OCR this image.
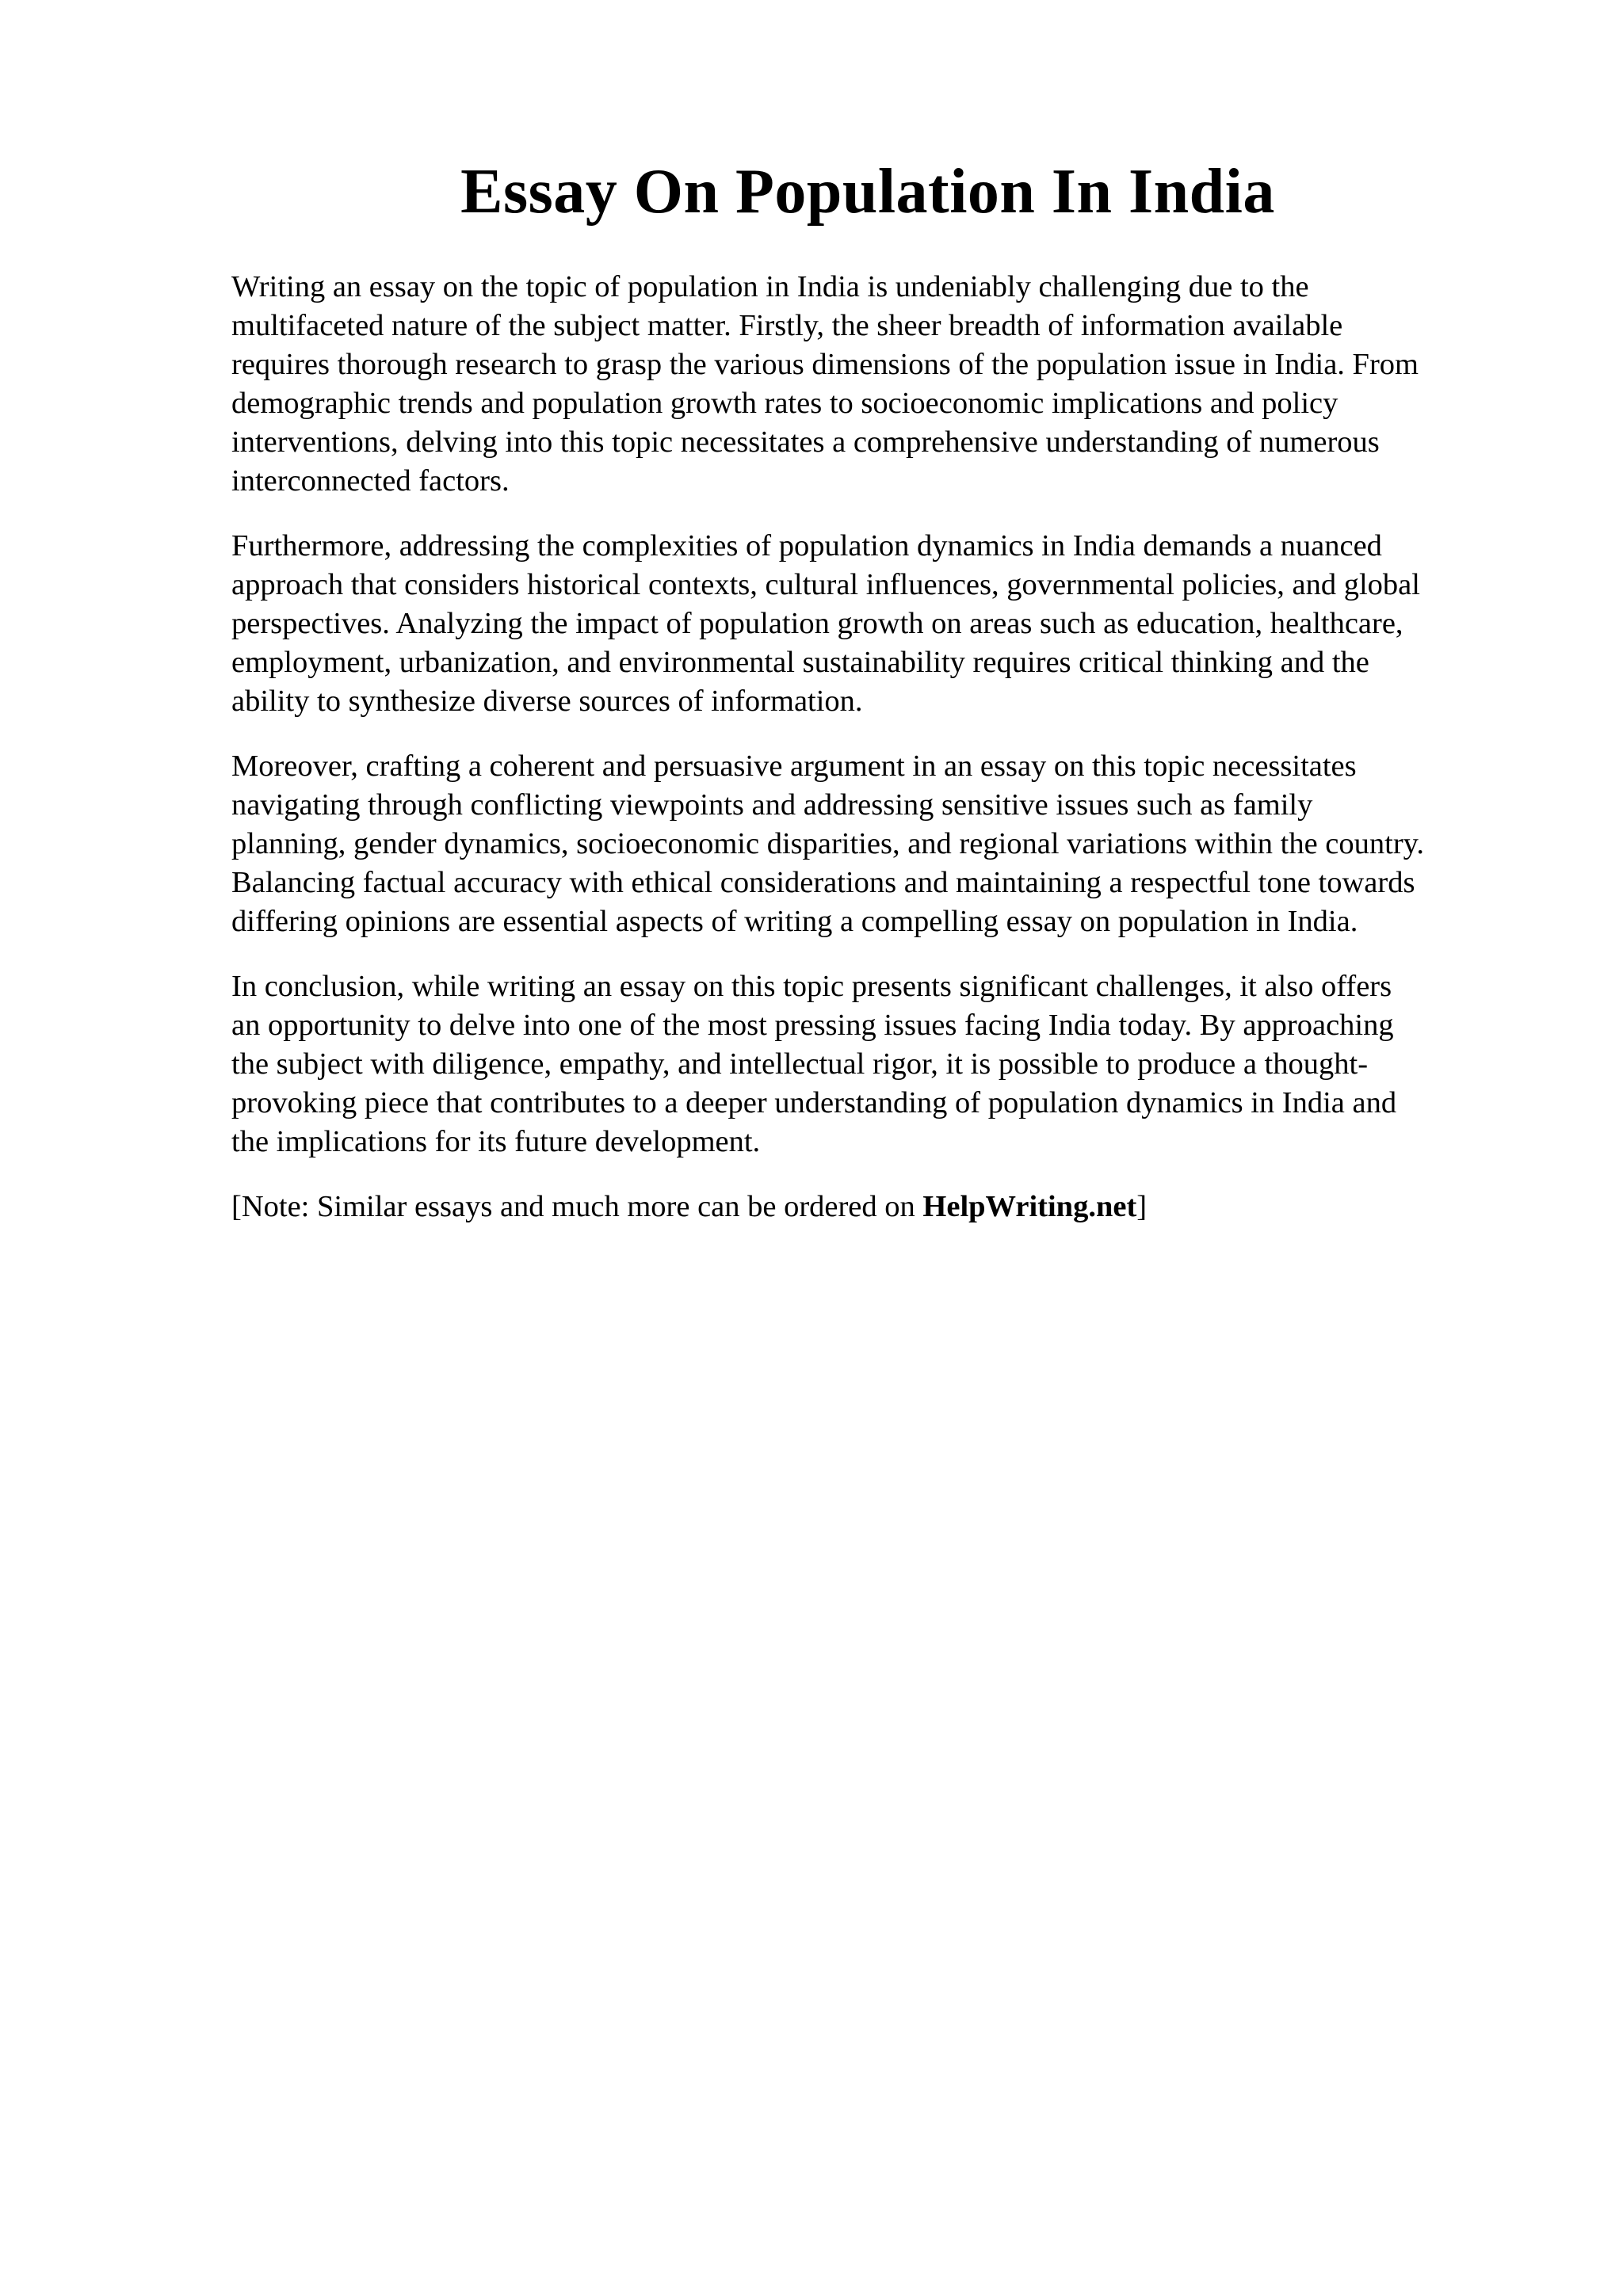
Essay On Population In India

Writing an essay on the topic of population in India is undeniably challenging due to the
multifaceted nature of the subject matter. Firstly, the sheer breadth of information available
requires thorough research to grasp the various dimensions of the population issue in India. From
demographic trends and population growth rates to socioeconomic implications and policy
interventions, delving into this topic necessitates a comprehensive understanding of numerous
interconnected factors.

Furthermore, addressing the complexities of population dynamics in India demands a nuanced
approach that considers historical contexts, cultural influences, governmental policies, and global
perspectives. Analyzing the impact of population growth on areas such as education, healthcare,
employment, urbanization, and environmental sustainability requires critical thinking and the
ability to synthesize diverse sources of information.

Moreover, crafting a coherent and persuasive argument in an essay on this topic necessitates
navigating through conflicting viewpoints and addressing sensitive issues such as family
planning, gender dynamics, socioeconomic disparities, and regional variations within the country.
Balancing factual accuracy with ethical considerations and maintaining a respectful tone towards
differing opinions are essential aspects of writing a compelling essay on population in India.

In conclusion, while writing an essay on this topic presents significant challenges, it also offers
an opportunity to delve into one of the most pressing issues facing India today. By approaching
the subject with diligence, empathy, and intellectual rigor, it is possible to produce a thought-
provoking piece that contributes to a deeper understanding of population dynamics in India and
the implications for its future development.

[Note: Similar essays and much more can be ordered on HelpWriting.net]
